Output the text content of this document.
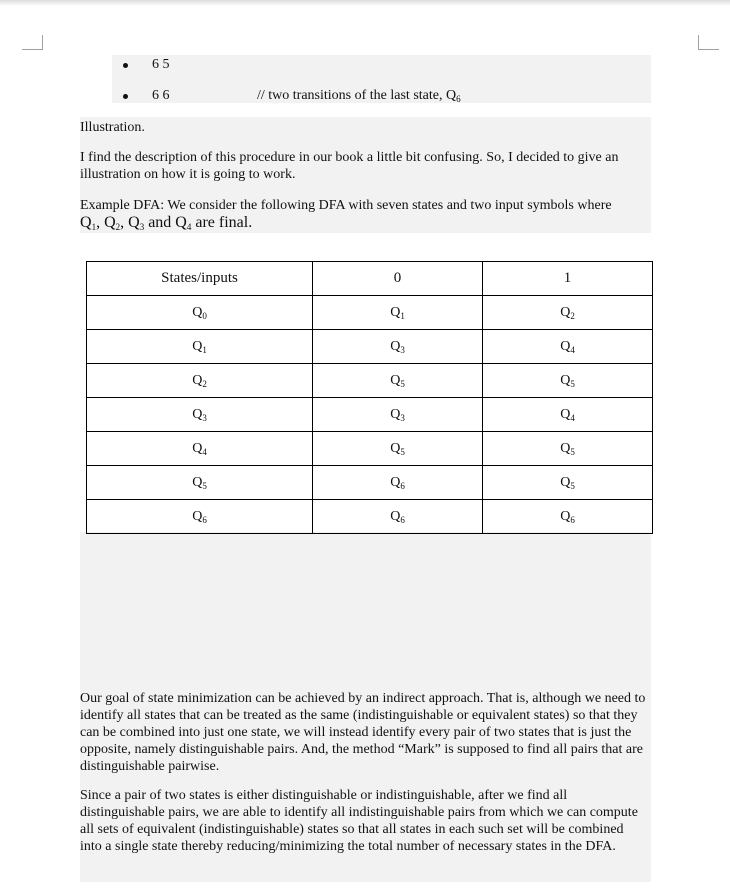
6 5
6 6	// two transitions of the last state, $Q_6$
Illustration.

I find the description of this procedure in our book a little bit confusing. So, I decided to give an illustration on how it is going to work.

Example DFA: We consider the following DFA with seven states and two input symbols where

Q1, Q2, Q3 and Q4 are final.

States/inputs	0	1
$Q_0$	$Q_1$	$Q_2$
$Q_1$	$Q_3$	$Q_4$
$Q_2$	$Q_5$	$Q_5$
$Q_3$	$Q_3$	$Q_4$
$Q_4$	$Q_5$	$Q_5$
$Q_5$	$Q_6$	$Q_5$
$Q_6$	$Q_6$	$Q_6$

Our goal of state minimization can be achieved by an indirect approach. That is, although we need to identify all states that can be treated as the same (indistinguishable or equivalent states) so that they can be combined into just one state, we will instead identify every pair of two states that is just the opposite, namely distinguishable pairs. And, the method “Mark” is supposed to find all pairs that are distinguishable pairwise.

Since a pair of two states is either distinguishable or indistinguishable, after we find all distinguishable pairs, we are able to identify all indistinguishable pairs from which we can compute all sets of equivalent (indistinguishable) states so that all states in each such set will be combined into a single state thereby reducing/minimizing the total number of necessary states in the DFA.
